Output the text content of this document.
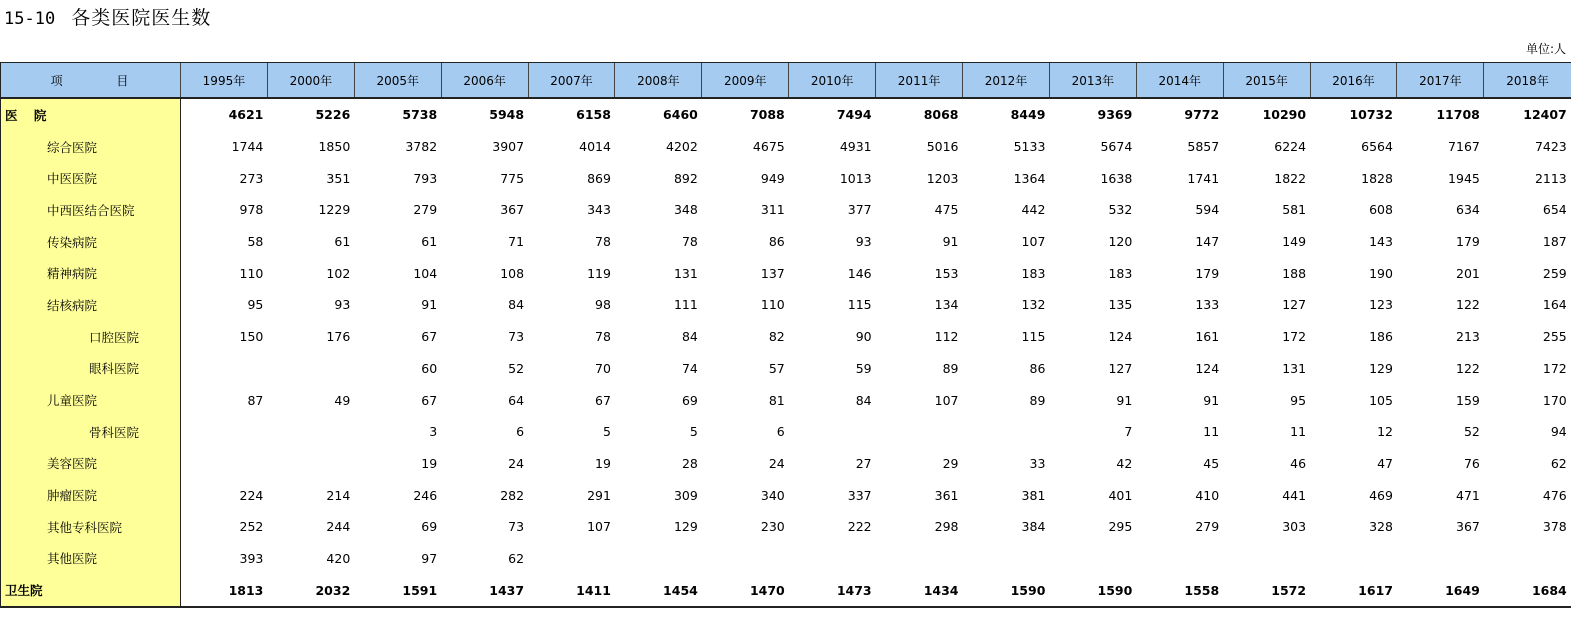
15-10 各类医院医生数
单位:人
项 目	1995年	2000年	2005年	2006年	2007年	2008年	2009年	2010年	2011年	2012年	2013年	2014年	2015年	2016年	2017年	2018年
医 院	4621	5226	5738	5948	6158	6460	7088	7494	8068	8449	9369	9772	10290	10732	11708	12407
综合医院	1744	1850	3782	3907	4014	4202	4675	4931	5016	5133	5674	5857	6224	6564	7167	7423
中医医院	273	351	793	775	869	892	949	1013	1203	1364	1638	1741	1822	1828	1945	2113
中西医结合医院	978	1229	279	367	343	348	311	377	475	442	532	594	581	608	634	654
传染病院	58	61	61	71	78	78	86	93	91	107	120	147	149	143	179	187
精神病院	110	102	104	108	119	131	137	146	153	183	183	179	188	190	201	259
结核病院	95	93	91	84	98	111	110	115	134	132	135	133	127	123	122	164
口腔医院	150	176	67	73	78	84	82	90	112	115	124	161	172	186	213	255
眼科医院			60	52	70	74	57	59	89	86	127	124	131	129	122	172
儿童医院	87	49	67	64	67	69	81	84	107	89	91	91	95	105	159	170
骨科医院			3	6	5	5	6				7	11	11	12	52	94
美容医院			19	24	19	28	24	27	29	33	42	45	46	47	76	62
肿瘤医院	224	214	246	282	291	309	340	337	361	381	401	410	441	469	471	476
其他专科医院	252	244	69	73	107	129	230	222	298	384	295	279	303	328	367	378
其他医院	393	420	97	62												
卫生院	1813	2032	1591	1437	1411	1454	1470	1473	1434	1590	1590	1558	1572	1617	1649	1684
